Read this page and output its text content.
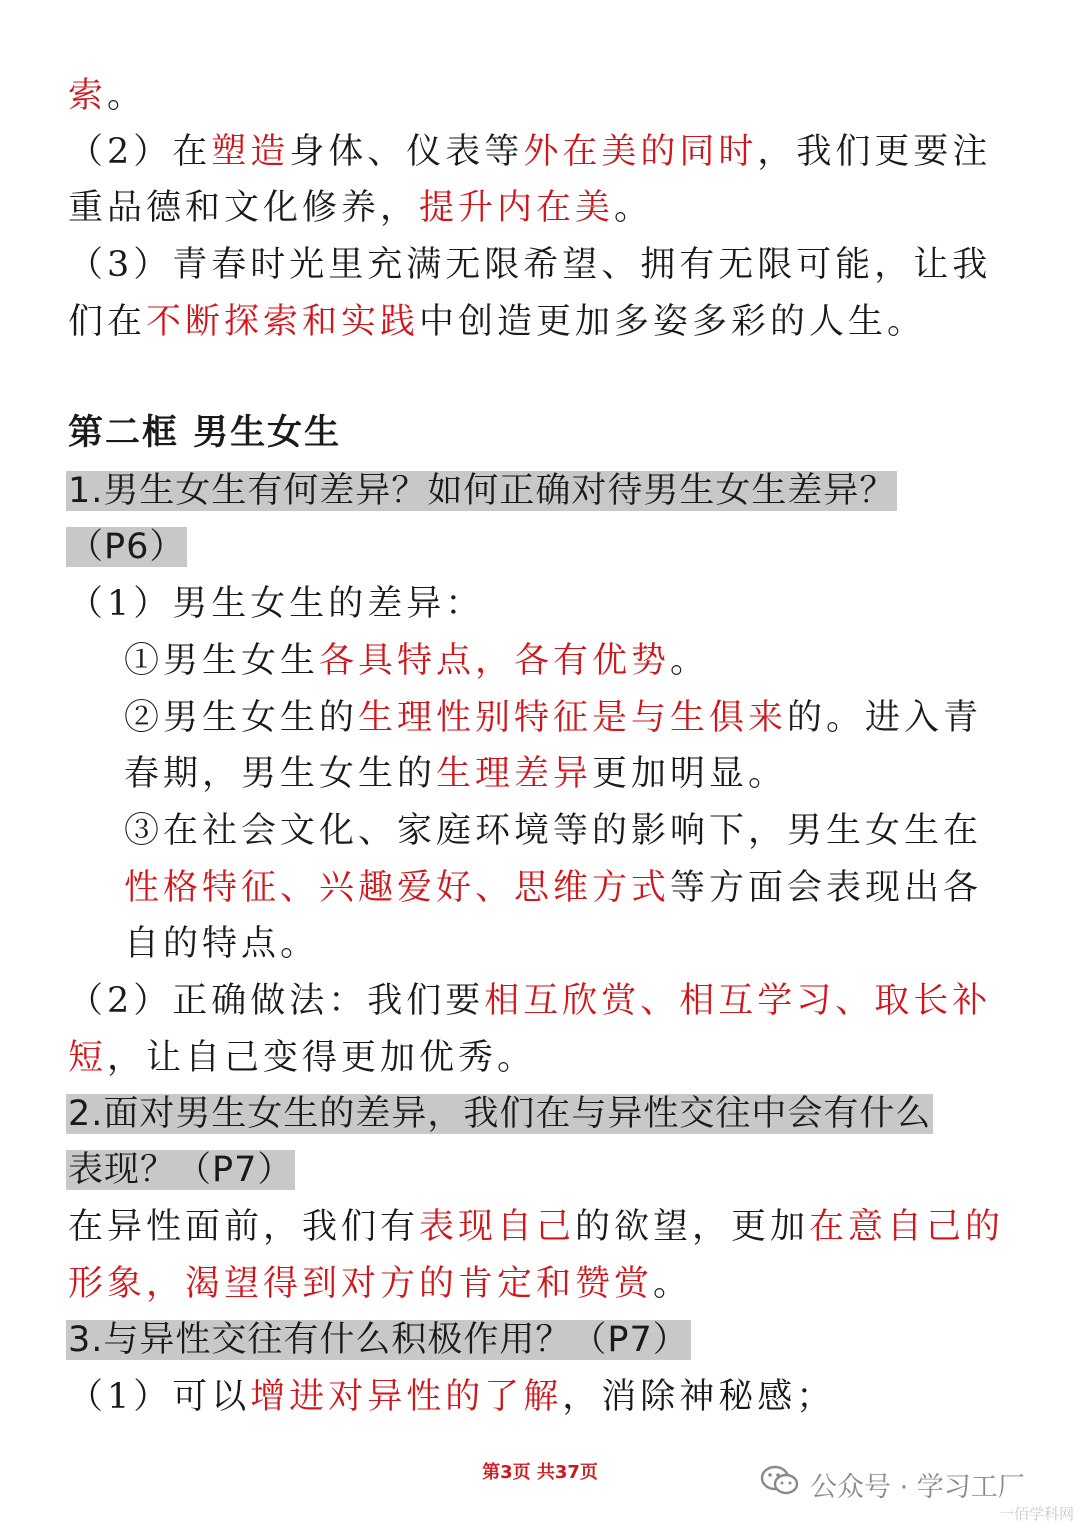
索。
（2）在塑造身体、仪表等外在美的同时，我们更要注
重品德和文化修养，提升内在美。
（3）青春时光里充满无限希望、拥有无限可能，让我
们在不断探索和实践中创造更加多姿多彩的人生。
第二框 男生女生
1.男生女生有何差异？如何正确对待男生女生差异？
（P6）
（1）男生女生的差异：
①男生女生各具特点，各有优势。
②男生女生的生理性别特征是与生俱来的。进入青
春期，男生女生的生理差异更加明显。
③在社会文化、家庭环境等的影响下，男生女生在
性格特征、兴趣爱好、思维方式等方面会表现出各
自的特点。
（2）正确做法：我们要相互欣赏、相互学习、取长补
短，让自己变得更加优秀。
2.面对男生女生的差异，我们在与异性交往中会有什么
表现？（P7）
在异性面前，我们有表现自己的欲望，更加在意自己的
形象，渴望得到对方的肯定和赞赏。
3.与异性交往有什么积极作用？（P7）
（1）可以增进对异性的了解，消除神秘感；
第3页 共37页	公众号 · 学习工厂
一佰学科网
